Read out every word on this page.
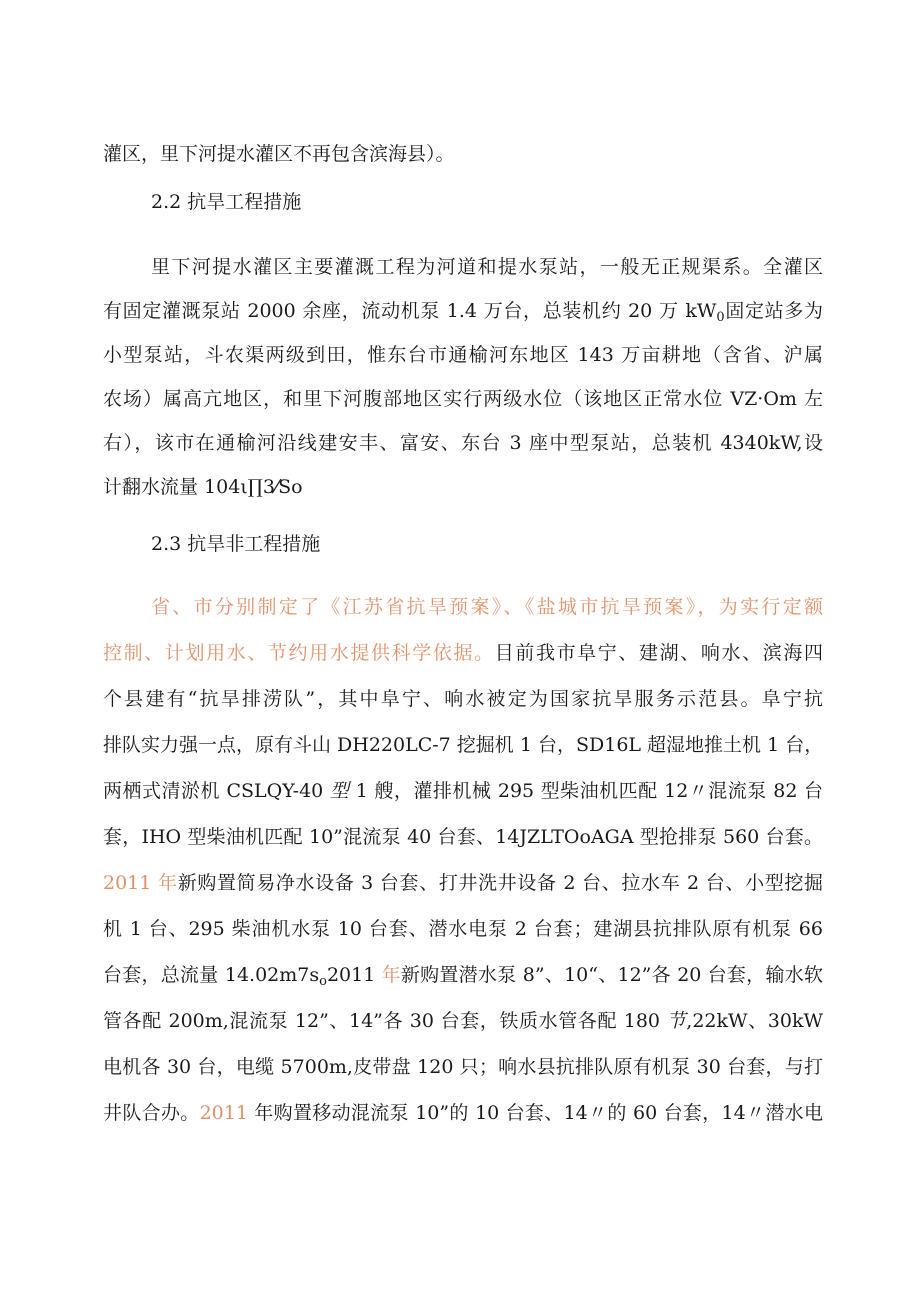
灌区，里下河提水灌区不再包含滨海县）。
2.2 抗旱工程措施
里下河提水灌区主要灌溉工程为河道和提水泵站，一般无正规渠系。全灌区
有固定灌溉泵站 2000 余座，流动机泵 1.4 万台，总装机约 20 万 $kW_0$固定站多为
小型泵站，斗农渠两级到田，惟东台市通榆河东地区 143 万亩耕地（含省、沪属
农场）属高亢地区，和里下河腹部地区实行两级水位（该地区正常水位 VZ·Om 左
右），该市在通榆河沿线建安丰、富安、东台 3 座中型泵站，总装机 4340kW,设
计翻水流量 104ι∏3⁄So
2.3 抗旱非工程措施
省、市分别制定了《江苏省抗旱预案》、《盐城市抗旱预案》，为实行定额
控制、计划用水、节约用水提供科学依据。目前我市阜宁、建湖、响水、滨海四
个县建有“抗旱排涝队”，其中阜宁、响水被定为国家抗旱服务示范县。阜宁抗
排队实力强一点，原有斗山 DH220LC-7 挖掘机 1 台，SD16L 超湿地推土机 1 台，
两栖式清淤机 CSLQY-40 型 1 艘，灌排机械 295 型柴油机匹配 12〃混流泵 82 台
套，IHO 型柴油机匹配 10”混流泵 40 台套、14JZLTOoAGA 型抢排泵 560 台套。
2011 年新购置简易净水设备 3 台套、打井洗井设备 2 台、拉水车 2 台、小型挖掘
机 1 台、295 柴油机水泵 10 台套、潜水电泵 2 台套；建湖县抗排队原有机泵 66
台套，总流量 $14.02m7s_o2011$ 年新购置潜水泵 8”、10“、12”各 20 台套，输水软
管各配 200m,混流泵 12”、14”各 30 台套，铁质水管各配 180 节,22kW、30kW
电机各 30 台，电缆 5700m,皮带盘 120 只；响水县抗排队原有机泵 30 台套，与打
井队合办。2011 年购置移动混流泵 10”的 10 台套、14〃的 60 台套，14〃潜水电
